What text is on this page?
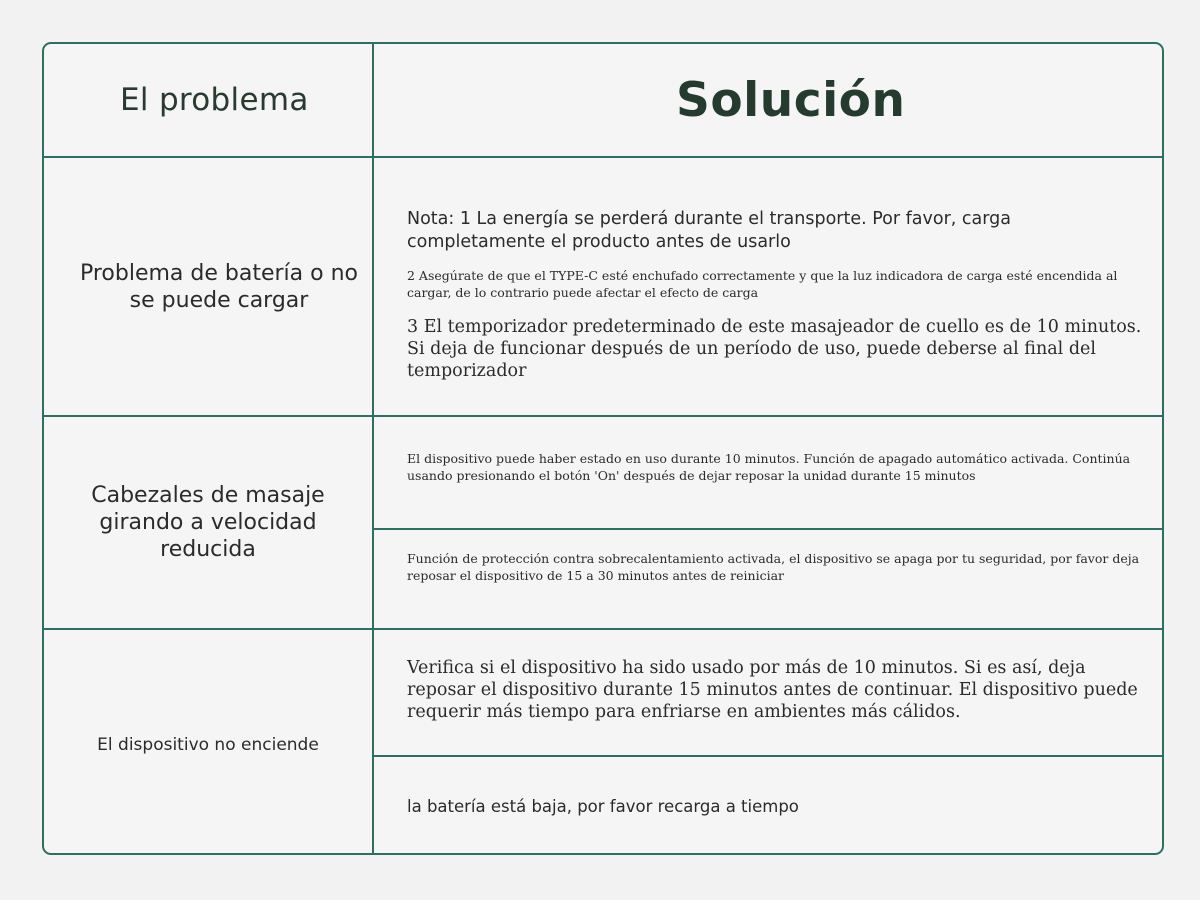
El problema	Solución
Problema de batería o no se puede cargar
Nota: 1 La energía se perderá durante el transporte. Por favor, carga completamente el producto antes de usarlo
2 Asegúrate de que el TYPE-C esté enchufado correctamente y que la luz indicadora de carga esté encendida al cargar, de lo contrario puede afectar el efecto de carga
3 El temporizador predeterminado de este masajeador de cuello es de 10 minutos. Si deja de funcionar después de un período de uso, puede deberse al final del temporizador
Cabezales de masaje girando a velocidad reducida
El dispositivo puede haber estado en uso durante 10 minutos. Función de apagado automático activada. Continúa usando presionando el botón 'On' después de dejar reposar la unidad durante 15 minutos
Función de protección contra sobrecalentamiento activada, el dispositivo se apaga por tu seguridad, por favor deja reposar el dispositivo de 15 a 30 minutos antes de reiniciar
El dispositivo no enciende
Verifica si el dispositivo ha sido usado por más de 10 minutos. Si es así, deja reposar el dispositivo durante 15 minutos antes de continuar. El dispositivo puede requerir más tiempo para enfriarse en ambientes más cálidos.
la batería está baja, por favor recarga a tiempo
